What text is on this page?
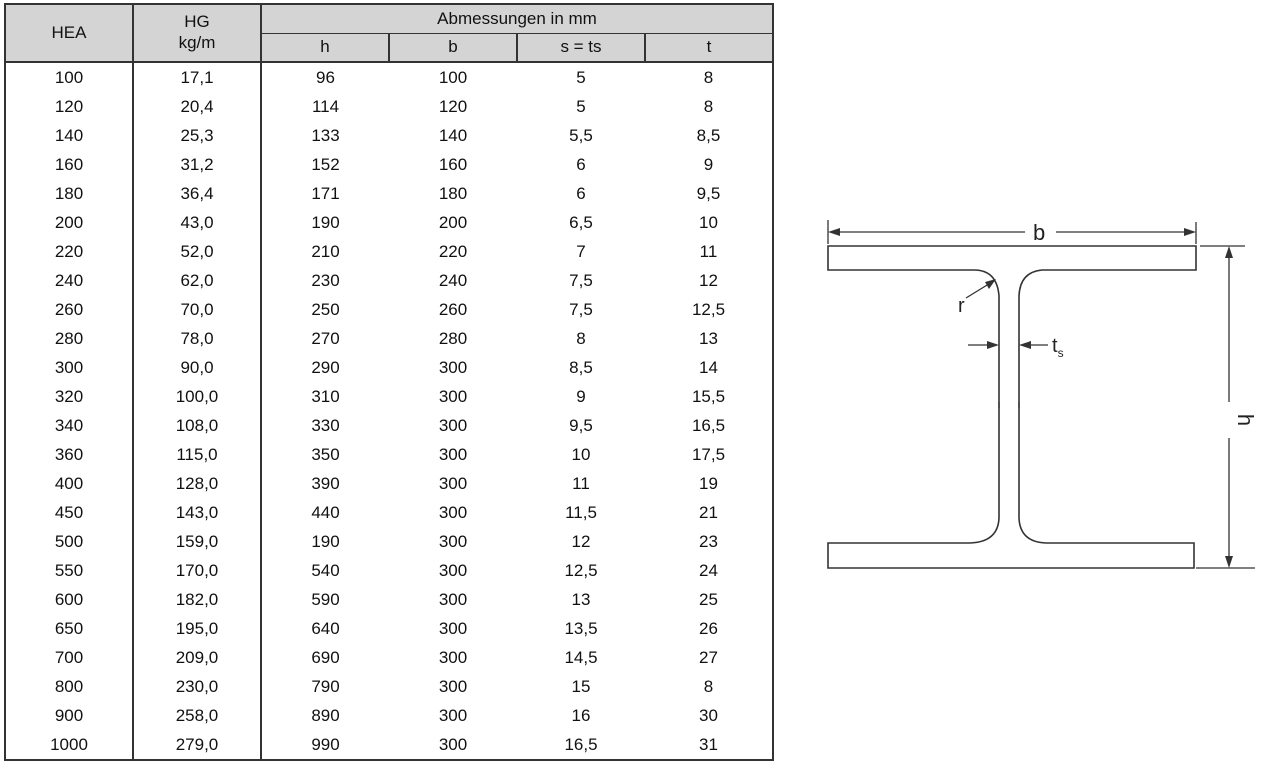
HEA	HG	Abmessungen in mm			
	kg/m	h	b	s = ts	t
100	17,1	96	100	5	8
120	20,4	114	120	5	8
140	25,3	133	140	5,5	8,5
160	31,2	152	160	6	9
180	36,4	171	180	6	9,5
200	43,0	190	200	6,5	10
220	52,0	210	220	7	11
240	62,0	230	240	7,5	12
260	70,0	250	260	7,5	12,5
280	78,0	270	280	8	13
300	90,0	290	300	8,5	14
320	100,0	310	300	9	15,5
340	108,0	330	300	9,5	16,5
360	115,0	350	300	10	17,5
400	128,0	390	300	11	19
450	143,0	440	300	11,5	21
500	159,0	190	300	12	23
550	170,0	540	300	12,5	24
600	182,0	590	300	13	25
650	195,0	640	300	13,5	26
700	209,0	690	300	14,5	27
800	230,0	790	300	15	8
900	258,0	890	300	16	30
1000	279,0	990	300	16,5	31
b
h
r
$t_s$
